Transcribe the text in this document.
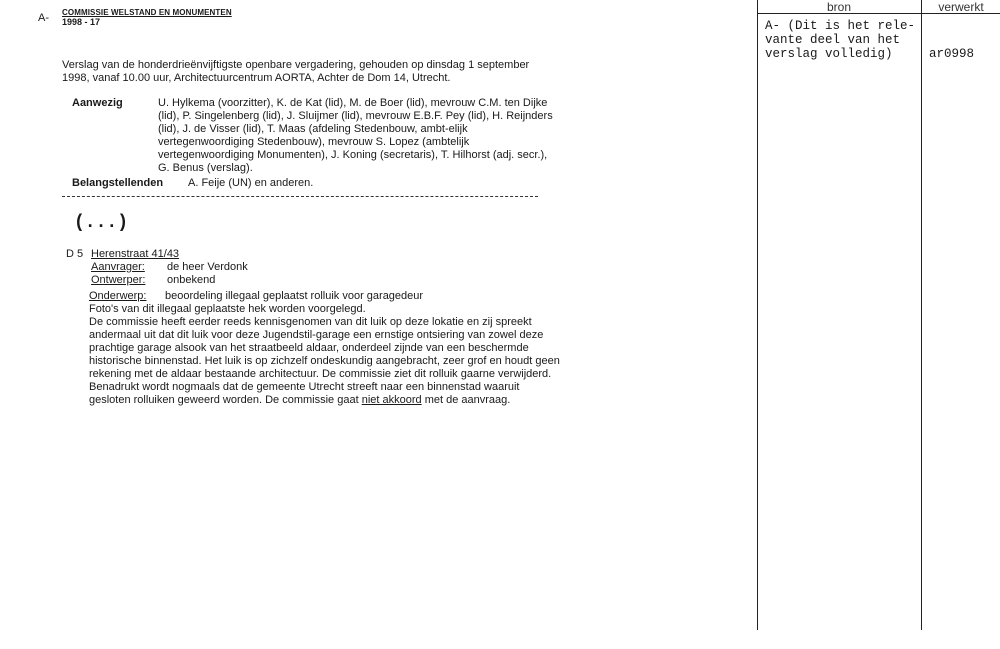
A- COMMISSIE WELSTAND EN MONUMENTEN
1998 - 17
Verslag van de honderdrieënvijftigste openbare vergadering, gehouden op dinsdag 1 september
1998, vanaf 10.00 uur, Architectuurcentrum AORTA, Achter de Dom 14, Utrecht.
Aanwezig	U. Hylkema (voorzitter), K. de Kat (lid), M. de Boer (lid), mevrouw C.M. ten Dijke
(lid), P. Singelenberg (lid), J. Sluijmer (lid), mevrouw E.B.F. Pey (lid), H. Reijnders
(lid), J. de Visser (lid), T. Maas (afdeling Stedenbouw, ambt-elijk
vertegenwoordiging Stedenbouw), mevrouw S. Lopez (ambtelijk
vertegenwoordiging Monumenten), J. Koning (secretaris), T. Hilhorst (adj. secr.),
G. Benus (verslag).
Belangstellenden A. Feije (UN) en anderen.
(...)
D 5 Herenstraat 41/43
Aanvrager: de heer Verdonk
Ontwerper: onbekend
Onderwerp: beoordeling illegaal geplaatst rolluik voor garagedeur
Foto's van dit illegaal geplaatste hek worden voorgelegd.
De commissie heeft eerder reeds kennisgenomen van dit luik op deze lokatie en zij spreekt
andermaal uit dat dit luik voor deze Jugendstil-garage een ernstige ontsiering van zowel deze
prachtige garage alsook van het straatbeeld aldaar, onderdeel zijnde van een beschermde
historische binnenstad. Het luik is op zichzelf ondeskundig aangebracht, zeer grof en houdt geen
rekening met de aldaar bestaande architectuur. De commissie ziet dit rolluik gaarne verwijderd.
Benadrukt wordt nogmaals dat de gemeente Utrecht streeft naar een binnenstad waaruit
gesloten rolluiken geweerd worden. De commissie gaat niet akkoord met de aanvraag.
bron	verwerkt
A- (Dit is het rele-
vante deel van het
verslag volledig)	ar0998
